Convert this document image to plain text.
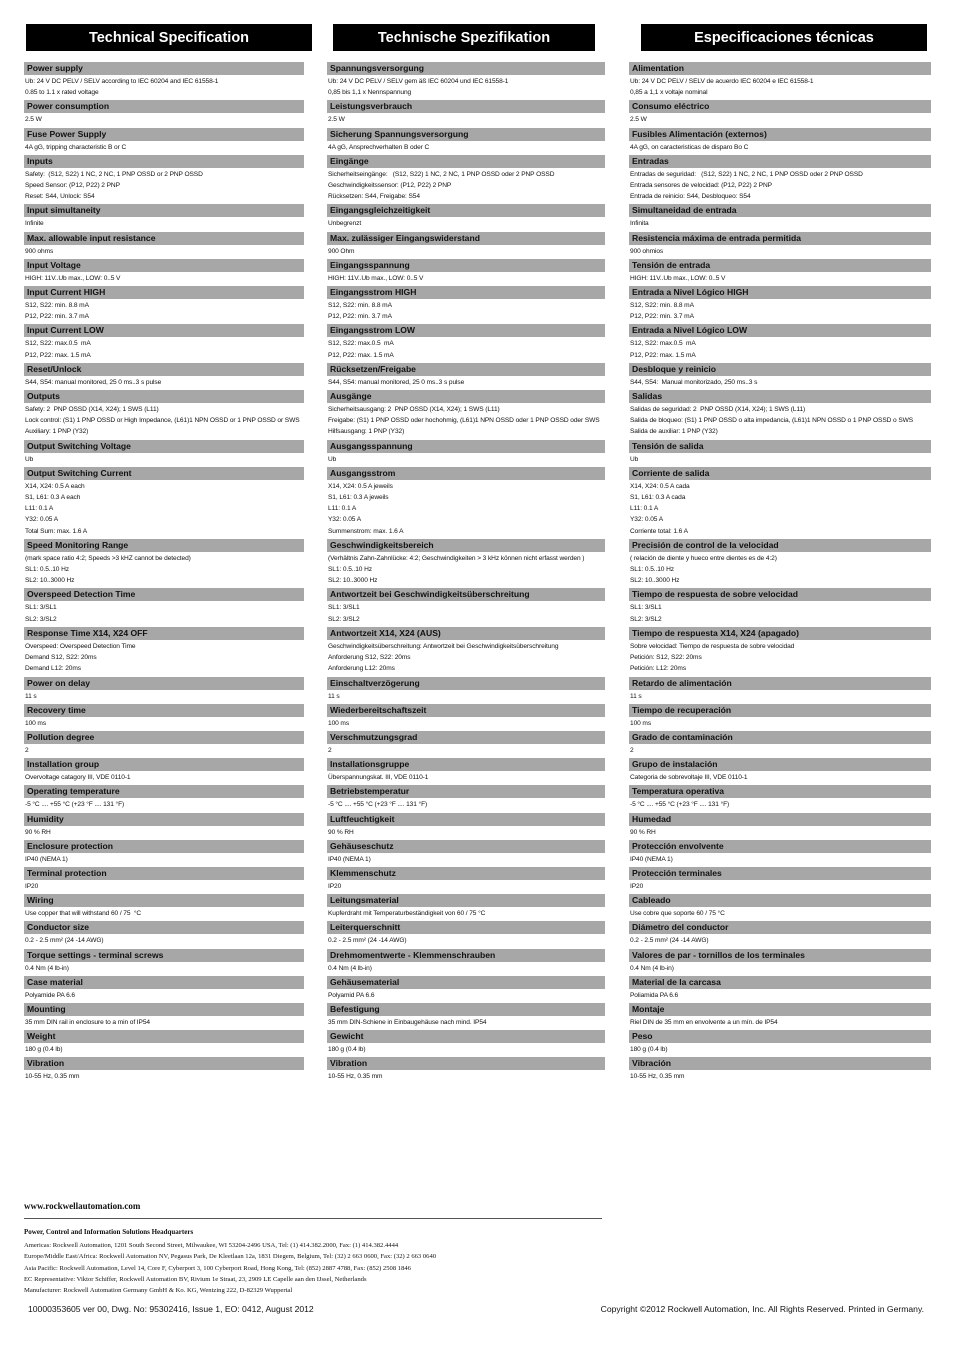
Technical Specification	Technische Spezifikation	Especificaciones técnicas
Power supply
Ub: 24 V DC PELV / SELV according to IEC 60204 and IEC 61558-1
0.85 to 1.1 x rated voltage
Power consumption
2.5 W
Fuse Power Supply
4A gG, tripping characteristic B or C
Inputs
Safety:  (S12, S22) 1 NC, 2 NC, 1 PNP OSSD or 2 PNP OSSD
Speed Sensor: (P12, P22) 2 PNP
Reset: S44, Unlock: S54
Input simultaneity
Infinite
Max. allowable input resistance
900 ohms
Input Voltage
HIGH: 11V..Ub max., LOW: 0..5 V
Input Current HIGH
S12, S22: min. 8.8 mA
P12, P22: min. 3.7 mA
Input Current LOW
S12, S22: max.0.5  mA
P12, P22: max. 1.5 mA
Reset/Unlock
S44, S54: manual monitored, 25 0 ms..3 s pulse
Outputs
Safety: 2  PNP OSSD (X14, X24); 1 SWS (L11)
Lock control: (S1) 1 PNP OSSD or High Impedance, (L61)1 NPN OSSD or 1 PNP OSSD or SWS
Auxiliary: 1 PNP (Y32)
Output Switching Voltage
Ub
Output Switching Current
X14, X24: 0.5 A each
S1, L61: 0.3 A each
L11: 0.1 A
Y32: 0.05 A
Total Sum: max. 1.6 A
Speed Monitoring Range
(mark space ratio 4:2; Speeds >3 kHZ cannot be detected)
SL1: 0.5..10 Hz
SL2: 10..3000 Hz
Overspeed Detection Time
SL1: 3/SL1
SL2: 3/SL2
Response Time X14, X24 OFF
Overspeed: Overspeed Detection Time
Demand S12, S22: 20ms
Demand L12: 20ms
Power on delay
11 s
Recovery time
100 ms
Pollution degree
2
Installation group
Overvoltage catagory III, VDE 0110-1
Operating temperature
-5 °C .... +55 °C (+23 °F .... 131 °F)
Humidity
90 % RH
Enclosure protection
IP40 (NEMA 1)
Terminal protection
IP20
Wiring
Use copper that will withstand 60 / 75  °C
Conductor size
0.2 - 2.5 mm² (24 -14 AWG)
Torque settings - terminal screws
0.4 Nm (4 lb-in)
Case material
Polyamide PA 6.6
Mounting
35 mm DIN rail in enclosure to a min of IP54
Weight
180 g (0.4 lb)
Vibration
10-55 Hz, 0.35 mm
Spannungsversorgung
Ub: 24 V DC PELV / SELV gem äß IEC 60204 und IEC 61558-1
0,85 bis 1,1 x Nennspannung
Leistungsverbrauch
2.5 W
Sicherung Spannungsversorgung
4A gG, Ansprechverhalten B oder C
Eingänge
Sicherheitseingänge:   (S12, S22) 1 NC, 2 NC, 1 PNP OSSD oder 2 PNP OSSD
Geschwindigkeitssensor: (P12, P22) 2 PNP
Rücksetzen: S44, Freigabe: S54
Eingangsgleichzeitigkeit
Unbegrenzt
Max. zulässiger Eingangswiderstand
900 Ohm
Eingangsspannung
HIGH: 11V..Ub max., LOW: 0..5 V
Eingangsstrom HIGH
S12, S22: min. 8.8 mA
P12, P22: min. 3.7 mA
Eingangsstrom LOW
S12, S22: max.0.5  mA
P12, P22: max. 1.5 mA
Rücksetzen/Freigabe
S44, S54: manual monitored, 25 0 ms..3 s pulse
Ausgänge
Sicherheitsausgang: 2  PNP OSSD (X14, X24); 1 SWS (L11)
Freigabe: (S1) 1 PNP OSSD oder hochohmig, (L61)1 NPN OSSD oder 1 PNP OSSD oder SWS
Hilfsausgang: 1 PNP (Y32)
Ausgangsspannung
Ub
Ausgangsstrom
X14, X24: 0.5 A jeweils
S1, L61: 0.3 A jeweils
L11: 0.1 A
Y32: 0.05 A
Summenstrom: max. 1.6 A
Geschwindigkeitsbereich
(Verhältnis Zahn-Zahnlücke: 4:2; Geschwindigkeiten > 3 kHz können nicht erfasst werden )
SL1: 0.5..10 Hz
SL2: 10..3000 Hz
Antwortzeit bei Geschwindigkeitsüberschreitung
SL1: 3/SL1
SL2: 3/SL2
Antwortzeit X14, X24 (AUS)
Geschwindigkeitsüberschreitung: Antwortzeit bei Geschwindigkeitsüberschreitung
Anforderung S12, S22: 20ms
Anforderung L12: 20ms
Einschaltverzögerung
11 s
Wiederbereitschaftszeit
100 ms
Verschmutzungsgrad
2
Installationsgruppe
Überspannungskat. III, VDE 0110-1
Betriebstemperatur
-5 °C .... +55 °C (+23 °F .... 131 °F)
Luftfeuchtigkeit
90 % RH
Gehäuseschutz
IP40 (NEMA 1)
Klemmenschutz
IP20
Leitungsmaterial
Kupferdraht mit Temperaturbeständigkeit von 60 / 75 °C
Leiterquerschnitt
0.2 - 2.5 mm² (24 -14 AWG)
Drehmomentwerte - Klemmenschrauben
0.4 Nm (4 lb-in)
Gehäusematerial
Polyamid PA 6.6
Befestigung
35 mm DIN-Schiene in Einbaugehäuse nach mind. IP54
Gewicht
180 g (0.4 lb)
Vibration
10-55 Hz, 0.35 mm
Alimentation
Ub: 24 V DC PELV / SELV de acuerdo IEC 60204 e IEC 61558-1
0,85 a 1,1 x voltaje nominal
Consumo eléctrico
2.5 W
Fusibles Alimentación (externos)
4A gG, on caracteristicas de disparo Bo C
Entradas
Entradas de seguridad:   (S12, S22) 1 NC, 2 NC, 1 PNP OSSD oder 2 PNP OSSD
Entrada sensores de velocidad: (P12, P22) 2 PNP
Entrada de reinicio: S44, Desbloqueo: S54
Simultaneidad de entrada
Infinita
Resistencia máxima de entrada permitida
900 ohmios
Tensión de entrada
HIGH: 11V..Ub max., LOW: 0..5 V
Entrada a Nivel Lógico HIGH
S12, S22: min. 8.8 mA
P12, P22: min. 3.7 mA
Entrada a Nivel Lógico LOW
S12, S22: max.0.5  mA
P12, P22: max. 1.5 mA
Desbloque y reinicio
S44, S54:  Manual monitorizado, 250 ms..3 s
Salidas
Salidas de seguridad: 2  PNP OSSD (X14, X24); 1 SWS (L11)
Salida de bloqueo: (S1) 1 PNP OSSD o alta impedancia, (L61)1 NPN OSSD o 1 PNP OSSD o SWS
Salida de auxiliar: 1 PNP (Y32)
Tensión de salida
Ub
Corriente de salida
X14, X24: 0.5 A cada
S1, L61: 0.3 A cada
L11: 0.1 A
Y32: 0.05 A
Corriente total: 1.6 A
Precisión de control de la velocidad
( relación de diente y hueco entre dientes es de 4:2)
SL1: 0.5..10 Hz
SL2: 10..3000 Hz
Tiempo de respuesta de sobre velocidad
SL1: 3/SL1
SL2: 3/SL2
Tiempo de respuesta X14, X24 (apagado)
Sobre velocidad: Tiempo de respuesta de sobre velocidad
Petición: S12, S22: 20ms
Petición: L12: 20ms
Retardo de alimentación
11 s
Tiempo de recuperación
100 ms
Grado de contaminación
2
Grupo de instalación
Categoria de sobrevoltaje III, VDE 0110-1
Temperatura operativa
-5 °C .... +55 °C (+23 °F .... 131 °F)
Humedad
90 % RH
Protección envolvente
IP40 (NEMA 1)
Protección terminales
IP20
Cableado
Use cobre que soporte 60 / 75 °C
Diámetro del conductor
0.2 - 2.5 mm² (24 -14 AWG)
Valores de par - tornillos de los terminales
0.4 Nm (4 lb-in)
Material de la carcasa
Poliamida PA 6.6
Montaje
Riel DIN de 35 mm en envolvente a un mín. de IP54
Peso
180 g (0.4 lb)
Vibración
10-55 Hz, 0.35 mm
www.rockwellautomation.com
Power, Control and Information Solutions Headquarters
Americas: Rockwell Automation, 1201 South Second Street, Milwaukee, WI 53204-2496 USA, Tel: (1) 414.382.2000, Fax: (1) 414.382.4444
Europe/Middle East/Africa: Rockwell Automation NV, Pegasus Park, De Kleetlaan 12a, 1831 Diegem, Belgium, Tel: (32) 2 663 0600, Fax: (32) 2 663 0640
Asia Pacific: Rockwell Automation, Level 14, Core F, Cyberport 3, 100 Cyberport Road, Hong Kong, Tel: (852) 2887 4788, Fax: (852) 2508 1846
EC Representative: Viktor Schiffer, Rockwell Automation BV, Rivium 1e Straat, 23, 2909 LE Capelle aan den IJssel, Netherlands
Manufacturer: Rockwell Automation Germany GmbH & Ko. KG, Wentzing 222, D-82329 Wuppertal
10000353605 ver 00, Dwg. No: 95302416, Issue 1, EO: 0412, August 2012	Copyright ©2012 Rockwell Automation, Inc. All Rights Reserved. Printed in Germany.
